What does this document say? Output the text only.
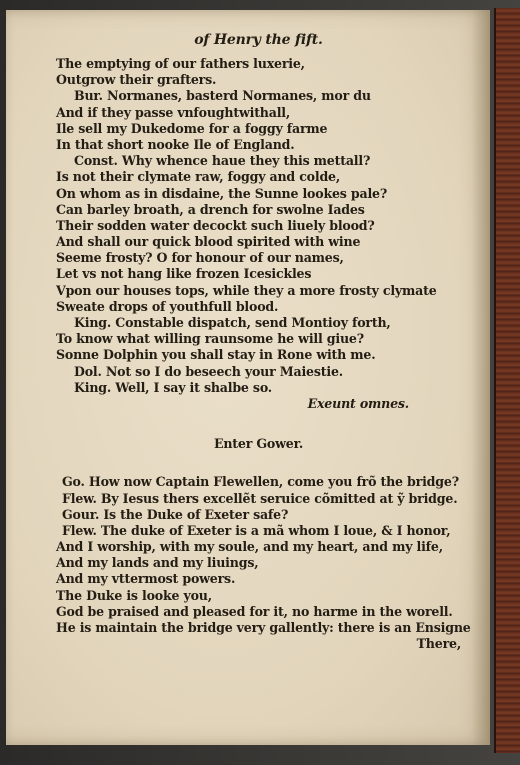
of Henry the fift.
The emptying of our fathers luxerie,
Outgrow their grafters.
Bur. Normanes, basterd Normanes, mor du
And if they passe vnfoughtwithall,
Ile sell my Dukedome for a foggy farme
In that short nooke Ile of England.
Const. Why whence haue they this mettall?
Is not their clymate raw, foggy and colde,
On whom as in disdaine, the Sunne lookes pale?
Can barley broath, a drench for swolne Iades
Their sodden water decockt such liuely blood?
And shall our quick blood spirited with wine
Seeme frosty? O for honour of our names,
Let vs not hang like frozen Icesickles
Vpon our houses tops, while they a more frosty clymate
Sweate drops of youthfull blood.
King. Constable dispatch, send Montioy forth,
To know what willing raunsome he will giue?
Sonne Dolphin you shall stay in Rone with me.
Dol. Not so I do beseech your Maiestie.
King. Well, I say it shalbe so.
Exeunt omnes.
Enter Gower.
Go. How now Captain Flewellen, come you frõ the bridge?
Flew. By Iesus thers excellẽt seruice cõmitted at ỹ bridge.
Gour. Is the Duke of Exeter safe?
Flew. The duke of Exeter is a mã whom I loue, & I honor,
And I worship, with my soule, and my heart, and my life,
And my lands and my liuings,
And my vttermost powers.
The Duke is looke you,
God be praised and pleased for it, no harme in the worell.
He is maintain the bridge very gallently: there is an Ensigne
There,
